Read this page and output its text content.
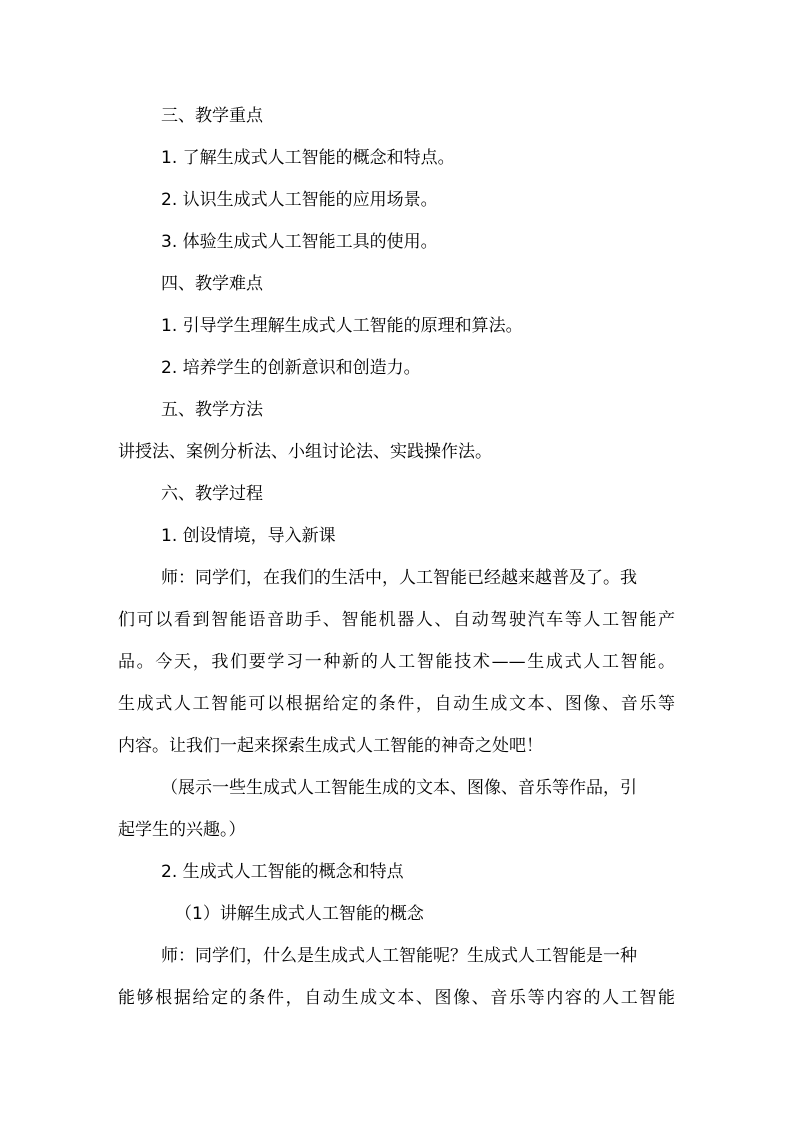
三、教学重点
1. 了解生成式人工智能的概念和特点。
2. 认识生成式人工智能的应用场景。
3. 体验生成式人工智能工具的使用。
四、教学难点
1. 引导学生理解生成式人工智能的原理和算法。
2. 培养学生的创新意识和创造力。
五、教学方法
讲授法、案例分析法、小组讨论法、实践操作法。
六、教学过程
1. 创设情境，导入新课
师：同学们，在我们的生活中，人工智能已经越来越普及了。我
们可以看到智能语音助手、智能机器人、自动驾驶汽车等人工智能产
品。今天，我们要学习一种新的人工智能技术——生成式人工智能。
生成式人工智能可以根据给定的条件，自动生成文本、图像、音乐等
内容。让我们一起来探索生成式人工智能的神奇之处吧！
（展示一些生成式人工智能生成的文本、图像、音乐等作品，引
起学生的兴趣。）
2. 生成式人工智能的概念和特点
（1）讲解生成式人工智能的概念
师：同学们，什么是生成式人工智能呢？生成式人工智能是一种
能够根据给定的条件，自动生成文本、图像、音乐等内容的人工智能
